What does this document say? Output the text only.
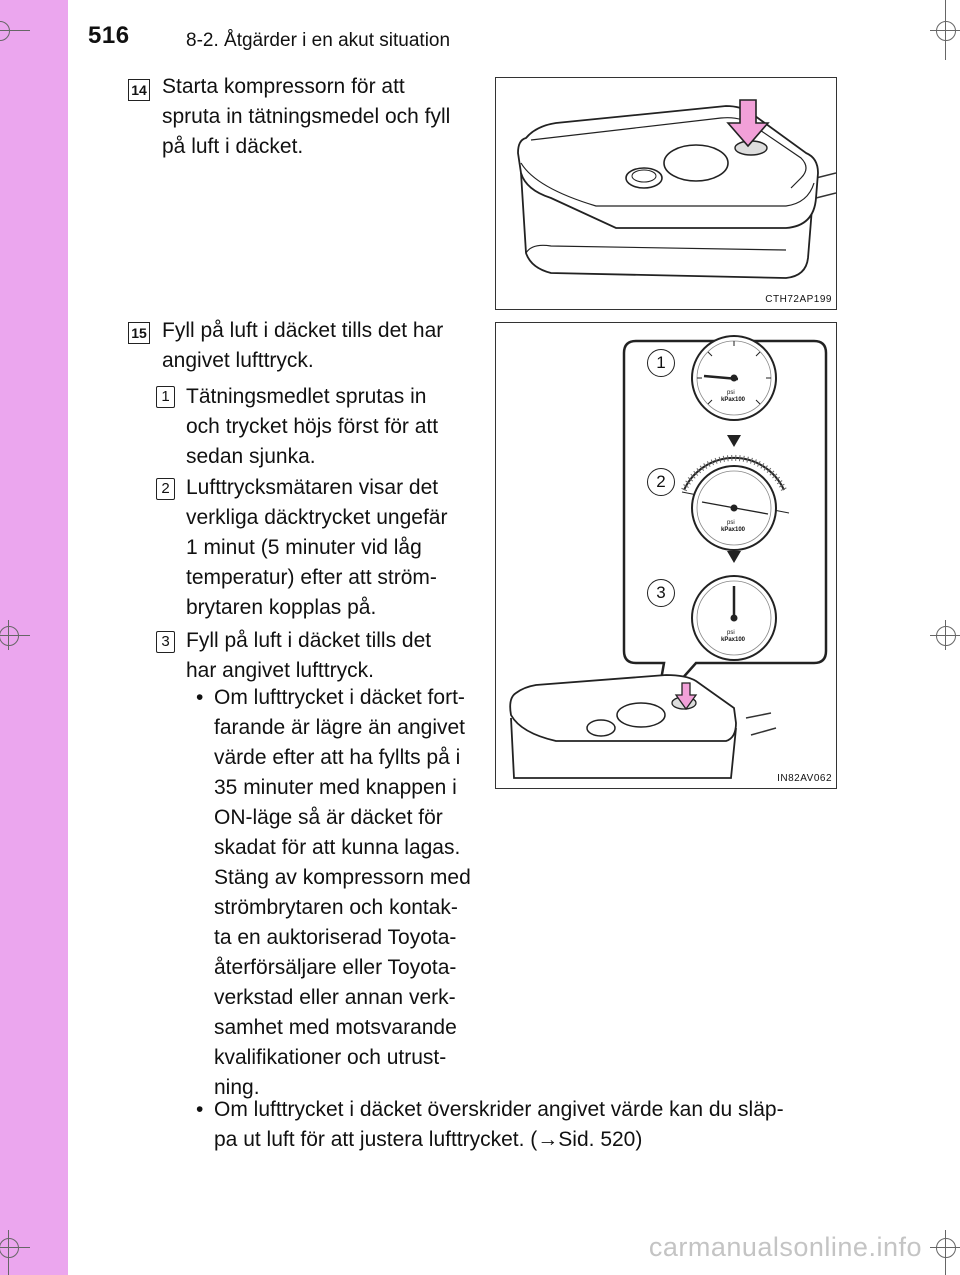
516	8-2. Åtgärder i en akut situation
14 Starta kompressorn för att
spruta in tätningsmedel och fyll
på luft i däcket.
CTH72AP199
15 Fyll på luft i däcket tills det har
angivet lufttryck.
1 Tätningsmedlet sprutas in
och trycket höjs först för att
sedan sjunka.
2 Lufttrycksmätaren visar det
verkliga däcktrycket ungefär
1 minut (5 minuter vid låg
temperatur) efter att ström-
brytaren kopplas på.
3 Fyll på luft i däcket tills det
har angivet lufttryck.
• Om lufttrycket i däcket fort-
farande är lägre än angivet
värde efter att ha fyllts på i
35 minuter med knappen i
ON-läge så är däcket för
skadat för att kunna lagas.
Stäng av kompressorn med
strömbrytaren och kontak-
ta en auktoriserad Toyota-
återförsäljare eller Toyota-
verkstad eller annan verk-
samhet med motsvarande
kvalifikationer och utrust-
ning.
• Om lufttrycket i däcket överskrider angivet värde kan du släp-
pa ut luft för att justera lufttrycket. (→Sid. 520)
1
2
3
psi
kPax100
psi
kPax100
psi
kPax100
IN82AV062
carmanualsonline.info
